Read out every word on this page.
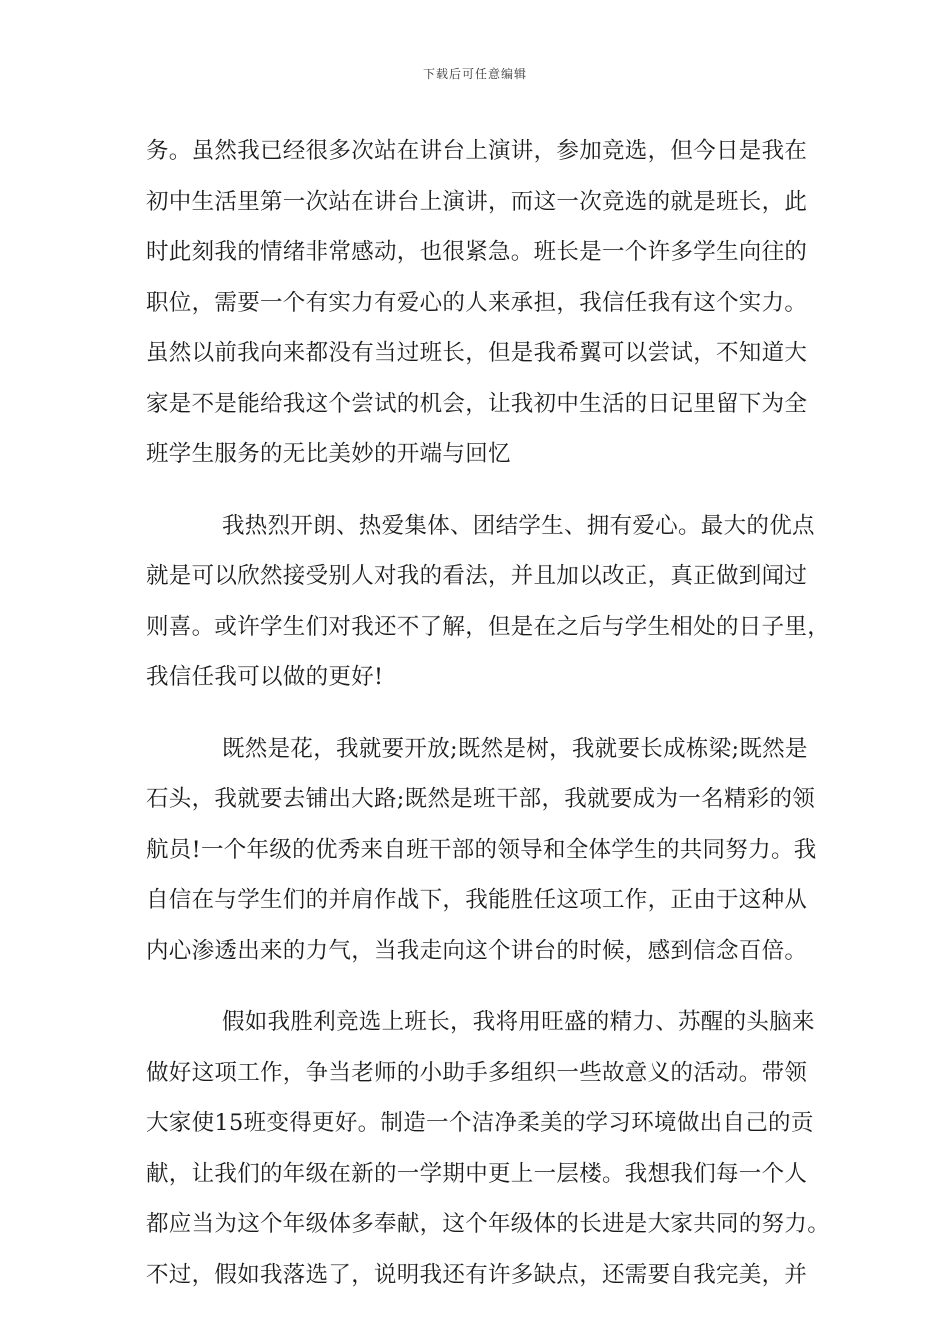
下载后可任意编辑
务。虽然我已经很多次站在讲台上演讲，参加竞选，但今日是我在
初中生活里第一次站在讲台上演讲，而这一次竞选的就是班长，此
时此刻我的情绪非常感动，也很紧急。班长是一个许多学生向往的
职位，需要一个有实力有爱心的人来承担，我信任我有这个实力。
虽然以前我向来都没有当过班长，但是我希翼可以尝试，不知道大
家是不是能给我这个尝试的机会，让我初中生活的日记里留下为全
班学生服务的无比美妙的开端与回忆
我热烈开朗、热爱集体、团结学生、拥有爱心。最大的优点
就是可以欣然接受别人对我的看法，并且加以改正，真正做到闻过
则喜。或许学生们对我还不了解，但是在之后与学生相处的日子里，
我信任我可以做的更好!
既然是花，我就要开放;既然是树，我就要长成栋梁;既然是
石头，我就要去铺出大路;既然是班干部，我就要成为一名精彩的领
航员!一个年级的优秀来自班干部的领导和全体学生的共同努力。我
自信在与学生们的并肩作战下，我能胜任这项工作，正由于这种从
内心渗透出来的力气，当我走向这个讲台的时候，感到信念百倍。
假如我胜利竞选上班长，我将用旺盛的精力、苏醒的头脑来
做好这项工作，争当老师的小助手多组织一些故意义的活动。带领
大家使15班变得更好。制造一个洁净柔美的学习环境做出自己的贡
献，让我们的年级在新的一学期中更上一层楼。我想我们每一个人
都应当为这个年级体多奉献，这个年级体的长进是大家共同的努力。
不过，假如我落选了，说明我还有许多缺点，还需要自我完美，并
